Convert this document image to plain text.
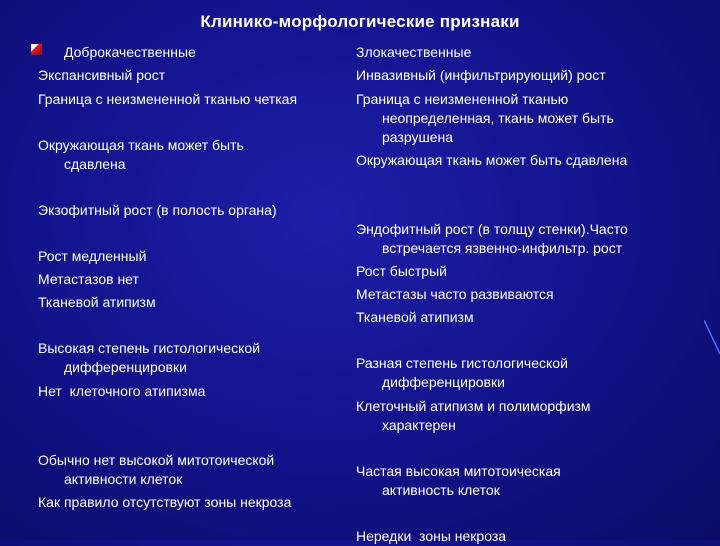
Клинико-морфологические признаки
Доброкачественные
Экспансивный рост
Граница с неизмененной тканью четкая
Окружающая ткань может быть
сдавлена
Экзофитный рост (в полость органа)
Рост медленный
Метастазов нет
Тканевой атипизм
Высокая степень гистологической
дифференцировки
Нет  клеточного атипизма
Обычно нет высокой митотоической
активности клеток
Как правило отсутствуют зоны некроза
Злокачественные
Инвазивный (инфильтрирующий) рост
Граница с неизмененной тканью
неопределенная, ткань может быть
разрушена
Окружающая ткань может быть сдавлена
Эндофитный рост (в толщу стенки).Часто
встречается язвенно-инфильтр. рост
Рост быстрый
Метастазы часто развиваются
Тканевой атипизм
Разная степень гистологической
дифференцировки
Клеточный атипизм и полиморфизм
характерен
Частая высокая митотоическая
активность клеток
Нередки  зоны некроза
